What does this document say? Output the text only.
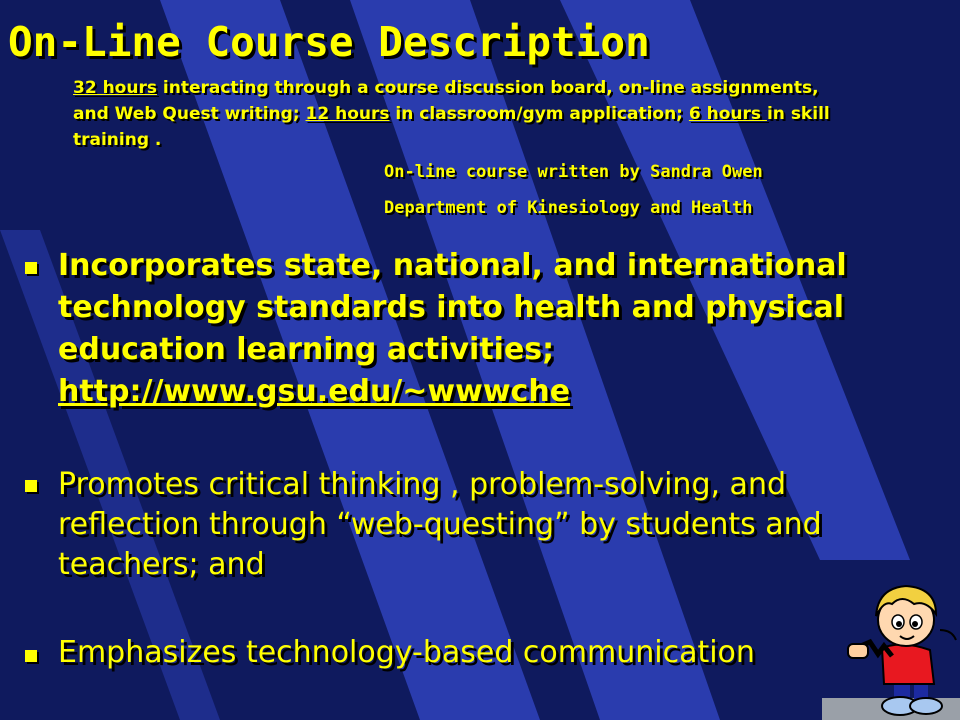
On-Line Course Description
32 hours interacting through a course discussion board, on-line assignments, and Web Quest writing; 12 hours in classroom/gym application; 6 hours in skill training .
On-line course written by Sandra Owen
Department of Kinesiology and Health
Incorporates state, national, and international technology standards into health and physical education learning activities;
http://www.gsu.edu/~wwwche
Promotes critical thinking , problem-solving, and reflection through “web-questing” by students and teachers; and
Emphasizes technology-based communication
